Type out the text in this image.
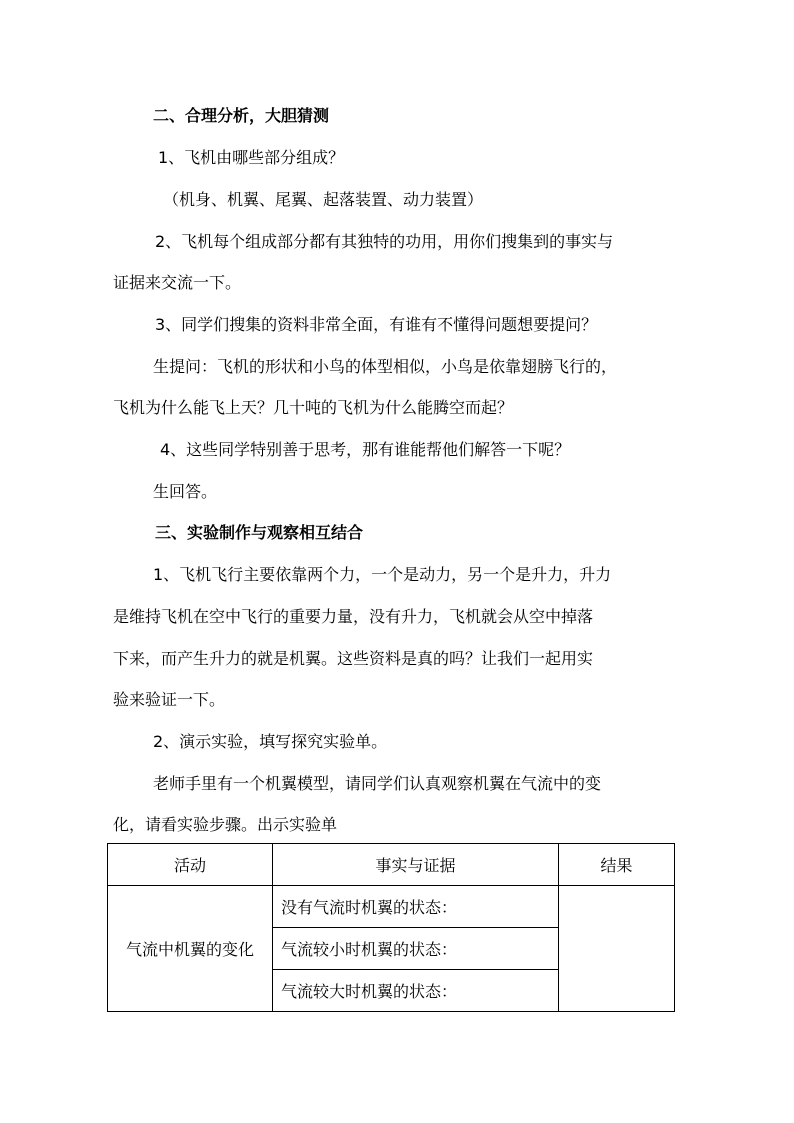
二、合理分析，大胆猜测
1、飞机由哪些部分组成？
（机身、机翼、尾翼、起落装置、动力装置）
2、飞机每个组成部分都有其独特的功用，用你们搜集到的事实与
证据来交流一下。
3、同学们搜集的资料非常全面，有谁有不懂得问题想要提问？
生提问：飞机的形状和小鸟的体型相似，小鸟是依靠翅膀飞行的，
飞机为什么能飞上天？几十吨的飞机为什么能腾空而起？
4、这些同学特别善于思考，那有谁能帮他们解答一下呢？
生回答。
三、实验制作与观察相互结合
1、飞机飞行主要依靠两个力，一个是动力，另一个是升力，升力
是维持飞机在空中飞行的重要力量，没有升力，飞机就会从空中掉落
下来，而产生升力的就是机翼。这些资料是真的吗？让我们一起用实
验来验证一下。
2、演示实验，填写探究实验单。
老师手里有一个机翼模型，请同学们认真观察机翼在气流中的变
化，请看实验步骤。出示实验单
活动	事实与证据	结果
气流中机翼的变化	没有气流时机翼的状态：	
	气流较小时机翼的状态：	
	气流较大时机翼的状态：	
